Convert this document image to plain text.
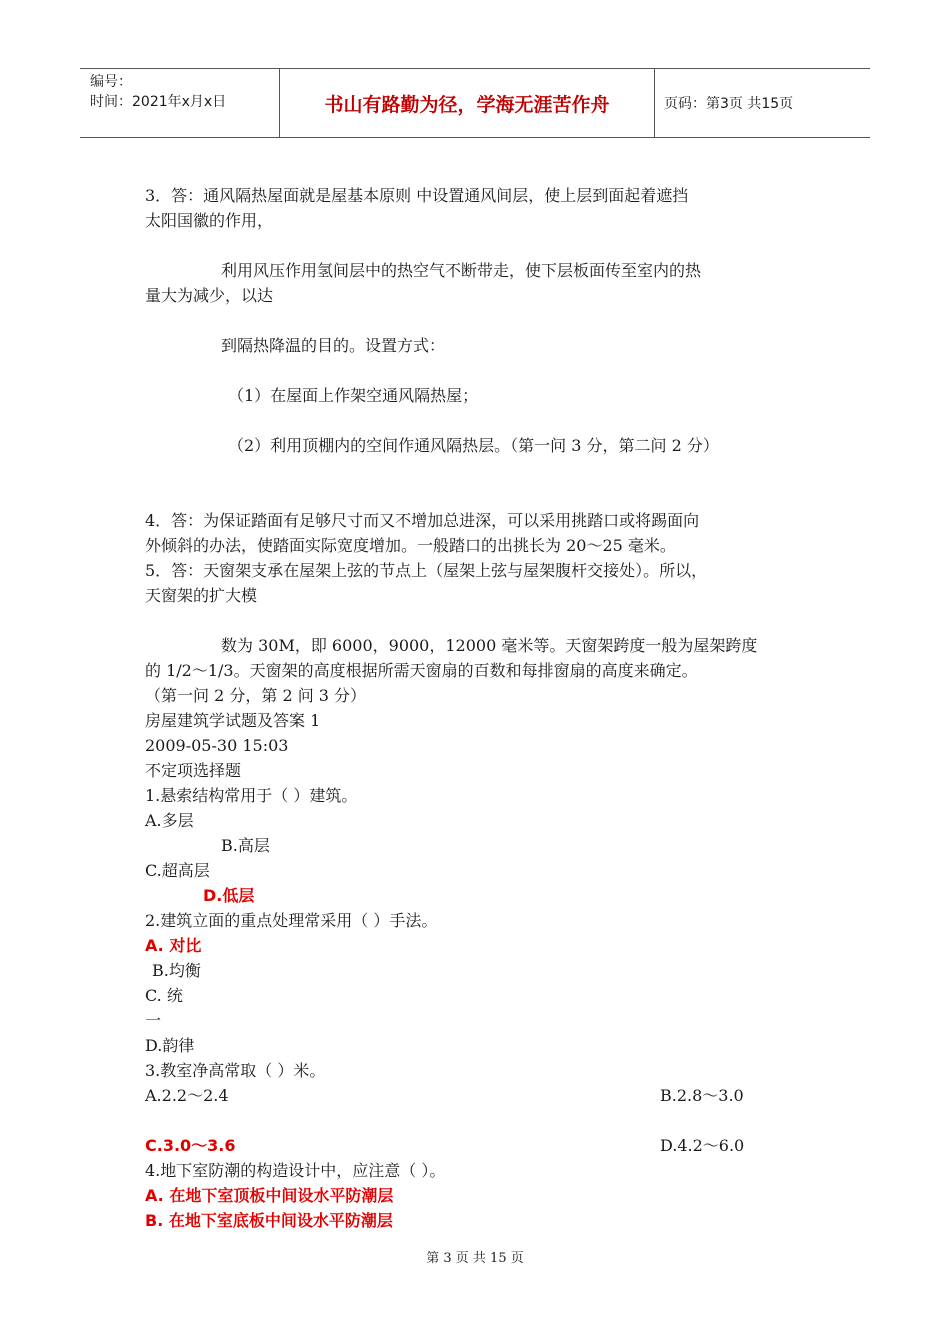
编号：
时间：2021年x月x日	书山有路勤为径，学海无涯苦作舟	页码：第3页 共15页
3．答：通风隔热屋面就是屋基本原则 中设置通风间层，使上层到面起着遮挡
太阳国徽的作用，
利用风压作用氢间层中的热空气不断带走，使下层板面传至室内的热
量大为减少，以达
到隔热降温的目的。设置方式：
（1）在屋面上作架空通风隔热屋；
（2）利用顶棚内的空间作通风隔热层。（第一问 3 分，第二问 2 分）
4．答：为保证踏面有足够尺寸而又不增加总进深，可以采用挑踏口或将踢面向
外倾斜的办法，使踏面实际宽度增加。一般踏口的出挑长为 20～25 毫米。
5．答：天窗架支承在屋架上弦的节点上（屋架上弦与屋架腹杆交接处）。所以，
天窗架的扩大模
数为 30M，即 6000，9000，12000 毫米等。天窗架跨度一般为屋架跨度
的 1/2～1/3。天窗架的高度根据所需天窗扇的百数和每排窗扇的高度来确定。
（第一问 2 分，第 2 问 3 分）
房屋建筑学试题及答案 1
2009-05-30 15:03
不定项选择题
1.悬索结构常用于（ ）建筑。
A.多层
B.高层
C.超高层
D.低层
2.建筑立面的重点处理常采用（ ）手法。
A. 对比
B.均衡
C. 统
一
D.韵律
3.教室净高常取（ ）米。
A.2.2～2.4	B.2.8～3.0
C.3.0～3.6	D.4.2～6.0
4.地下室防潮的构造设计中，应注意（ ）。
A. 在地下室顶板中间设水平防潮层
B. 在地下室底板中间设水平防潮层
第 3 页 共 15 页
